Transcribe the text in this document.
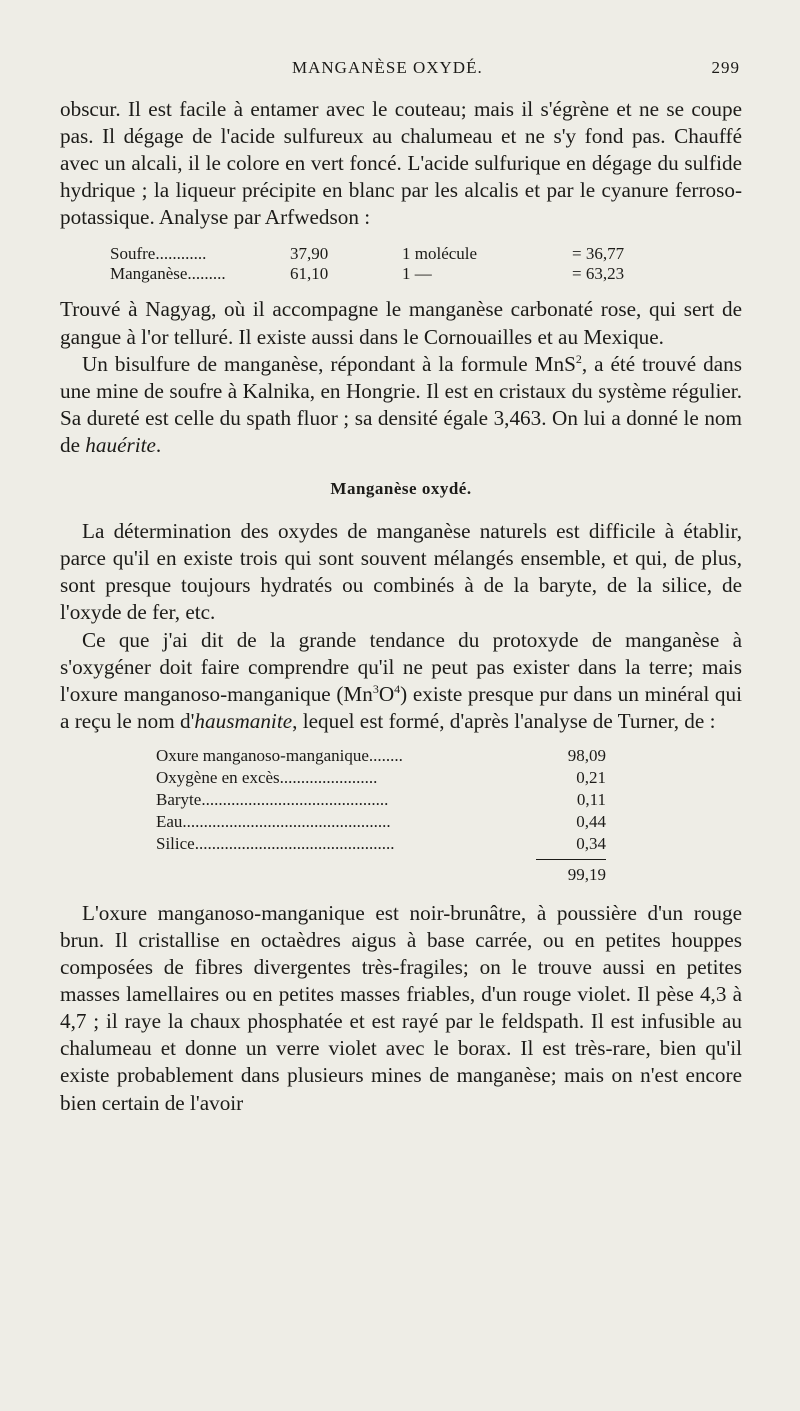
MANGANÈSE OXYDÉ.	299

obscur. Il est facile à entamer avec le couteau; mais il s'égrène et ne se coupe pas. Il dégage de l'acide sulfureux au chalumeau et ne s'y fond pas. Chauffé avec un alcali, il le colore en vert foncé. L'acide sulfurique en dégage du sulfide hydrique ; la liqueur précipite en blanc par les alcalis et par le cyanure ferroso-potassique. Analyse par Arfwedson :

Soufre............	37,90	1 molécule	= 36,77
Manganèse.........	61,10	1 —	= 63,23

Trouvé à Nagyag, où il accompagne le manganèse carbonaté rose, qui sert de gangue à l'or telluré. Il existe aussi dans le Cornouailles et au Mexique.

Un bisulfure de manganèse, répondant à la formule MnS$^2$, a été trouvé dans une mine de soufre à Kalnika, en Hongrie. Il est en cristaux du système régulier. Sa dureté est celle du spath fluor ; sa densité égale 3,463. On lui a donné le nom de hauérite.

Manganèse oxydé.

La détermination des oxydes de manganèse naturels est difficile à établir, parce qu'il en existe trois qui sont souvent mélangés ensemble, et qui, de plus, sont presque toujours hydratés ou combinés à de la baryte, de la silice, de l'oxyde de fer, etc.

Ce que j'ai dit de la grande tendance du protoxyde de manganèse à s'oxygéner doit faire comprendre qu'il ne peut pas exister dans la terre; mais l'oxure manganoso-manganique $(Mn^3O^4)$ existe presque pur dans un minéral qui a reçu le nom d'hausmanite, lequel est formé, d'après l'analyse de Turner, de :

Oxure manganoso-manganique........	98,09
Oxygène en excès.......................	0,21
Baryte............................................	0,11
Eau.................................................	0,44
Silice...............................................	0,34
99,19

L'oxure manganoso-manganique est noir-brunâtre, à poussière d'un rouge brun. Il cristallise en octaèdres aigus à base carrée, ou en petites houppes composées de fibres divergentes très-fragiles; on le trouve aussi en petites masses lamellaires ou en petites masses friables, d'un rouge violet. Il pèse 4,3 à 4,7 ; il raye la chaux phosphatée et est rayé par le feldspath. Il est infusible au chalumeau et donne un verre violet avec le borax. Il est très-rare, bien qu'il existe probablement dans plusieurs mines de manganèse; mais on n'est encore bien certain de l'avoir
